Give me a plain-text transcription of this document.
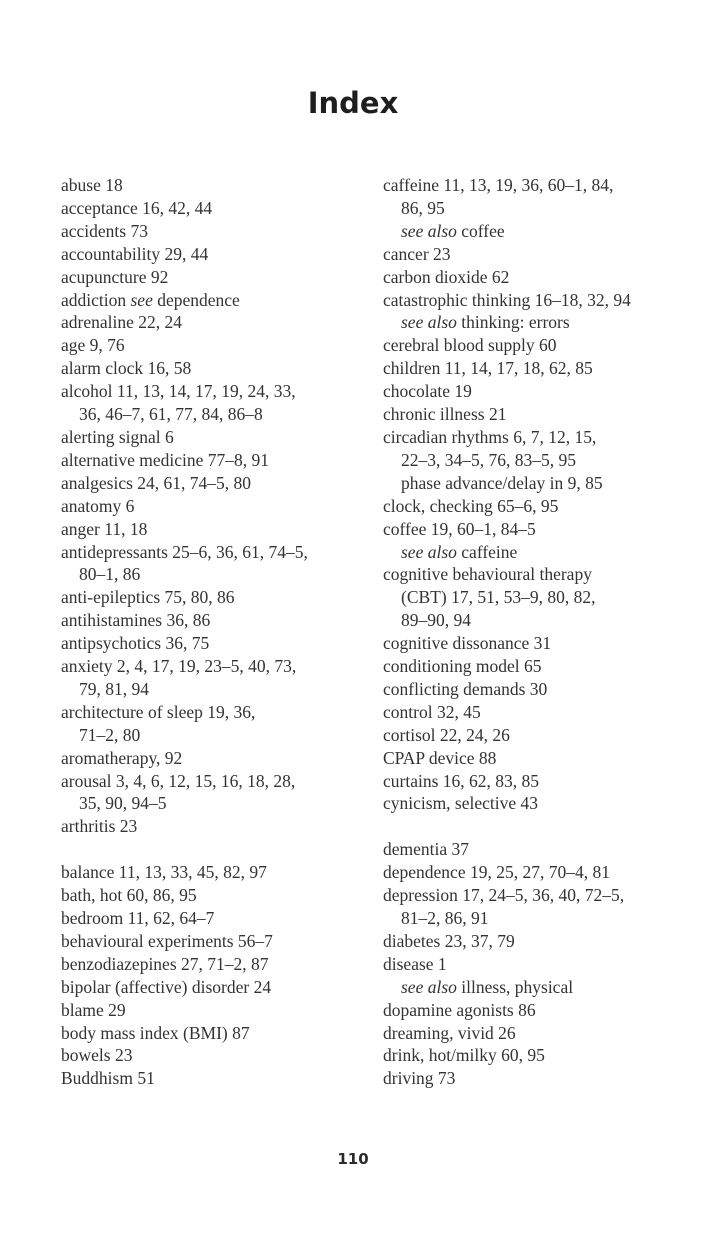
Index

abuse 18

acceptance 16, 42, 44

accidents 73

accountability 29, 44

acupuncture 92

addiction see dependence

adrenaline 22, 24

age 9, 76

alarm clock 16, 58

alcohol 11, 13, 14, 17, 19, 24, 33,

36, 46–7, 61, 77, 84, 86–8

alerting signal 6

alternative medicine 77–8, 91

analgesics 24, 61, 74–5, 80

anatomy 6

anger 11, 18

antidepressants 25–6, 36, 61, 74–5,

80–1, 86

anti-epileptics 75, 80, 86

antihistamines 36, 86

antipsychotics 36, 75

anxiety 2, 4, 17, 19, 23–5, 40, 73,

79, 81, 94

architecture of sleep 19, 36,

71–2, 80

aromatherapy, 92

arousal 3, 4, 6, 12, 15, 16, 18, 28,

35, 90, 94–5

arthritis 23

balance 11, 13, 33, 45, 82, 97

bath, hot 60, 86, 95

bedroom 11, 62, 64–7

behavioural experiments 56–7

benzodiazepines 27, 71–2, 87

bipolar (affective) disorder 24

blame 29

body mass index (BMI) 87

bowels 23

Buddhism 51

caffeine 11, 13, 19, 36, 60–1, 84,

86, 95

see also coffee

cancer 23

carbon dioxide 62

catastrophic thinking 16–18, 32, 94

see also thinking: errors

cerebral blood supply 60

children 11, 14, 17, 18, 62, 85

chocolate 19

chronic illness 21

circadian rhythms 6, 7, 12, 15,

22–3, 34–5, 76, 83–5, 95

phase advance/delay in 9, 85

clock, checking 65–6, 95

coffee 19, 60–1, 84–5

see also caffeine

cognitive behavioural therapy

(CBT) 17, 51, 53–9, 80, 82,

89–90, 94

cognitive dissonance 31

conditioning model 65

conflicting demands 30

control 32, 45

cortisol 22, 24, 26

CPAP device 88

curtains 16, 62, 83, 85

cynicism, selective 43

dementia 37

dependence 19, 25, 27, 70–4, 81

depression 17, 24–5, 36, 40, 72–5,

81–2, 86, 91

diabetes 23, 37, 79

disease 1

see also illness, physical

dopamine agonists 86

dreaming, vivid 26

drink, hot/milky 60, 95

driving 73

110
